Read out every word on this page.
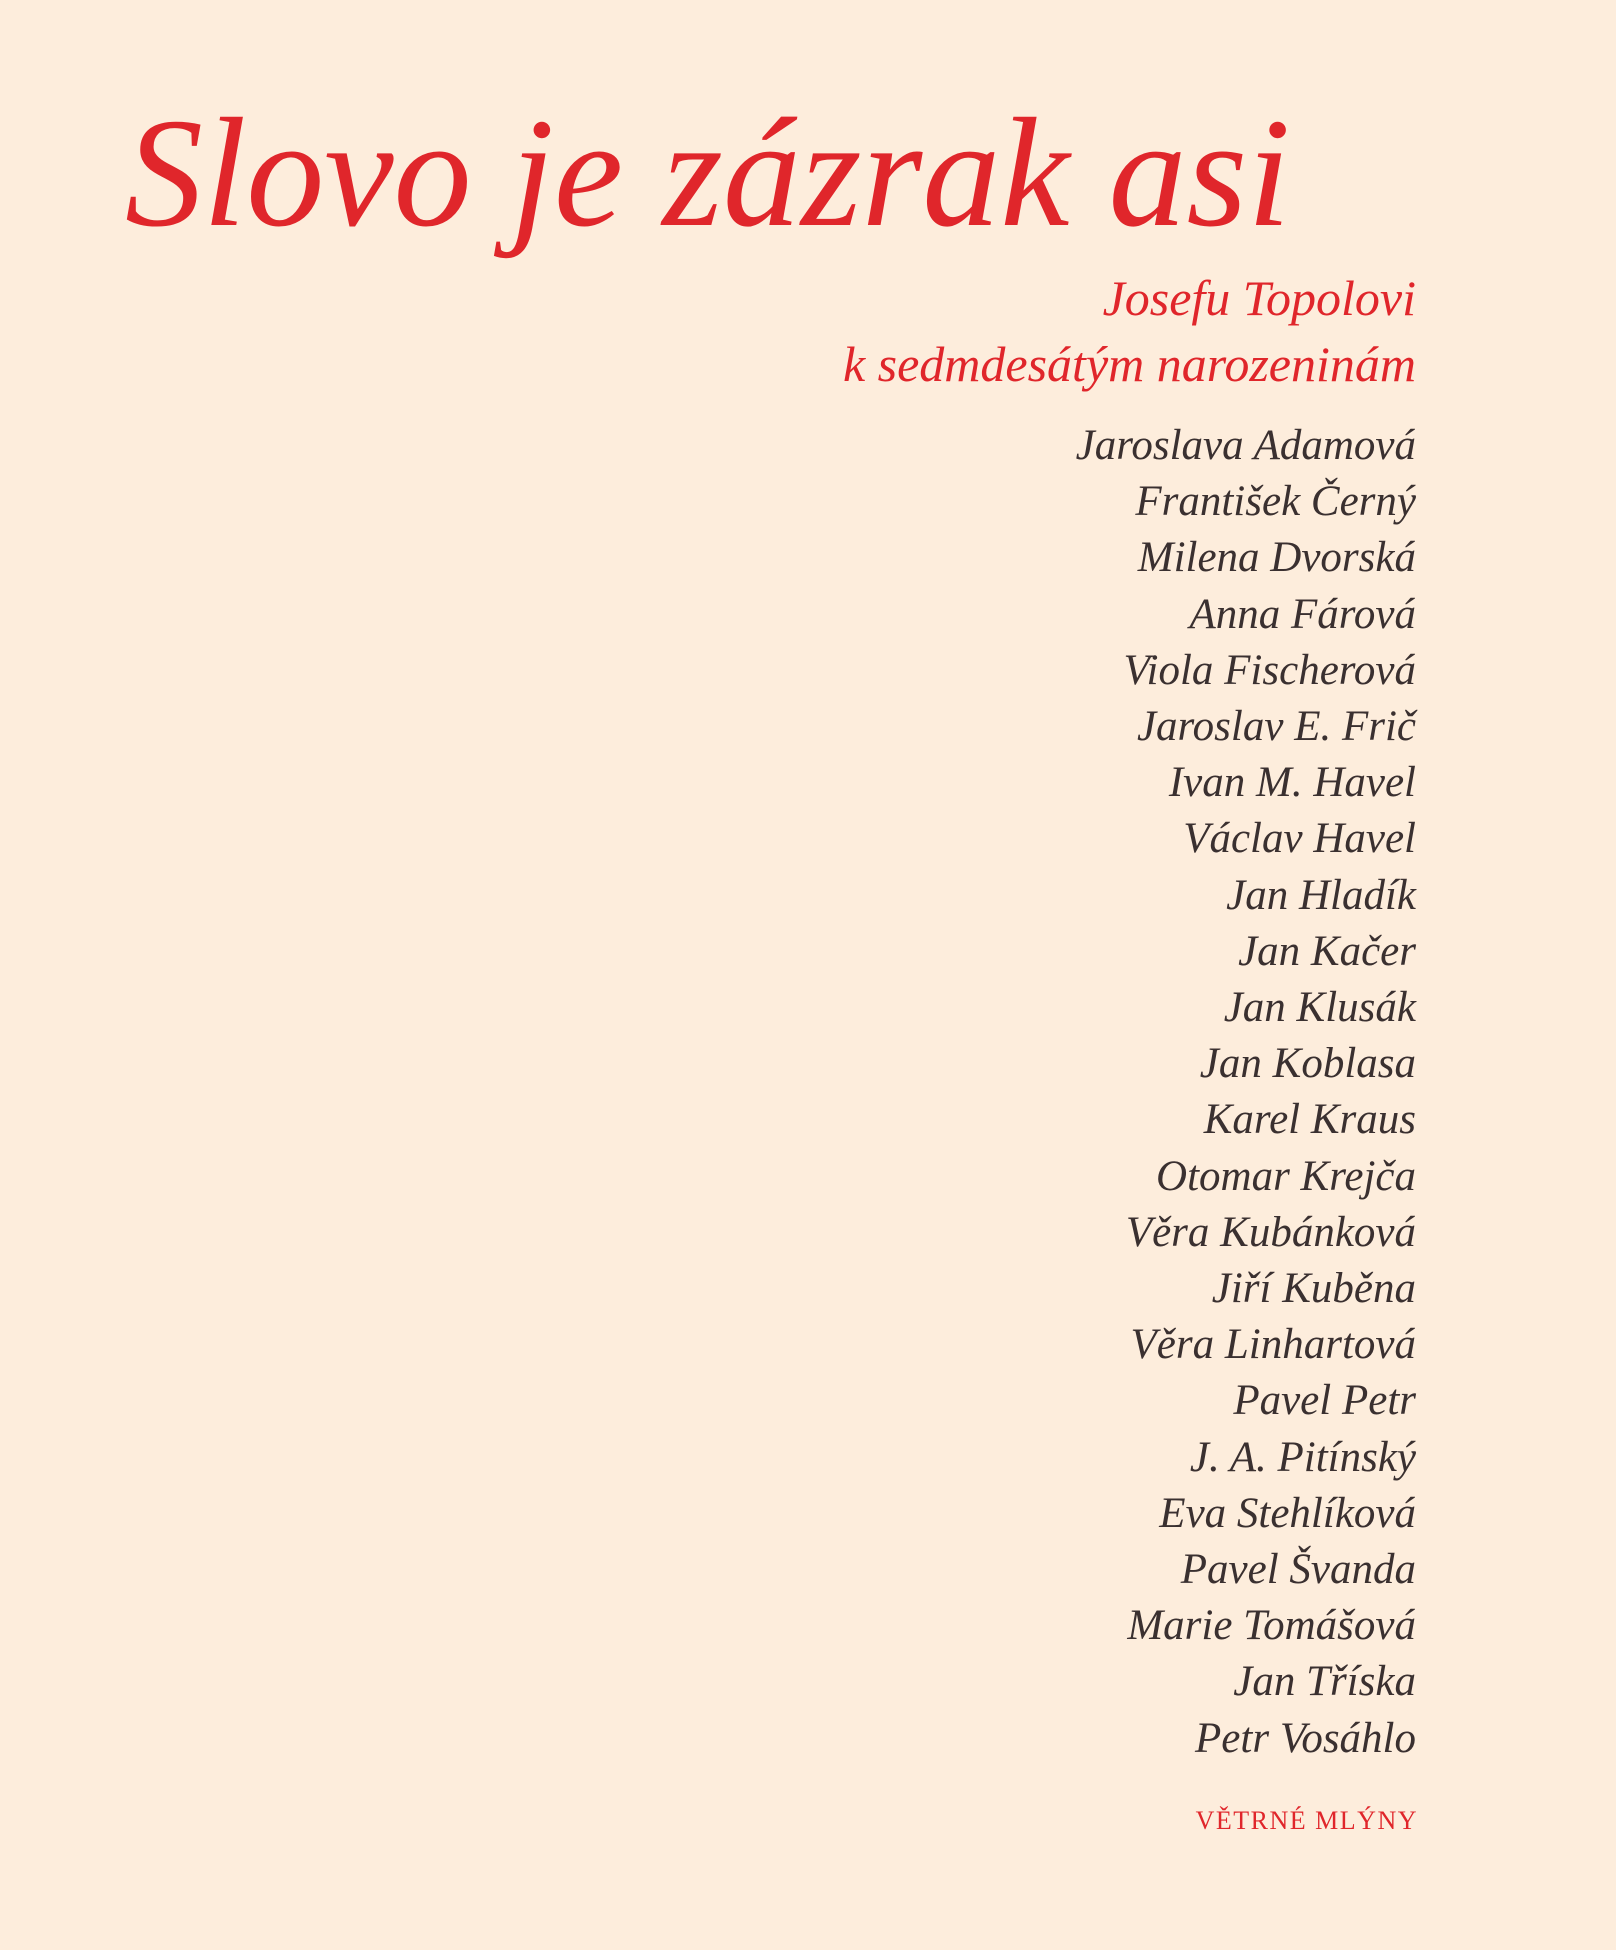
Slovo je zázrak asi
Josefu Topolovi
k sedmdesátým narozeninám
Jaroslava Adamová
František Černý
Milena Dvorská
Anna Fárová
Viola Fischerová
Jaroslav E. Frič
Ivan M. Havel
Václav Havel
Jan Hladík
Jan Kačer
Jan Klusák
Jan Koblasa
Karel Kraus
Otomar Krejča
Věra Kubánková
Jiří Kuběna
Věra Linhartová
Pavel Petr
J. A. Pitínský
Eva Stehlíková
Pavel Švanda
Marie Tomášová
Jan Tříska
Petr Vosáhlo
VĚTRNÉ MLÝNY
